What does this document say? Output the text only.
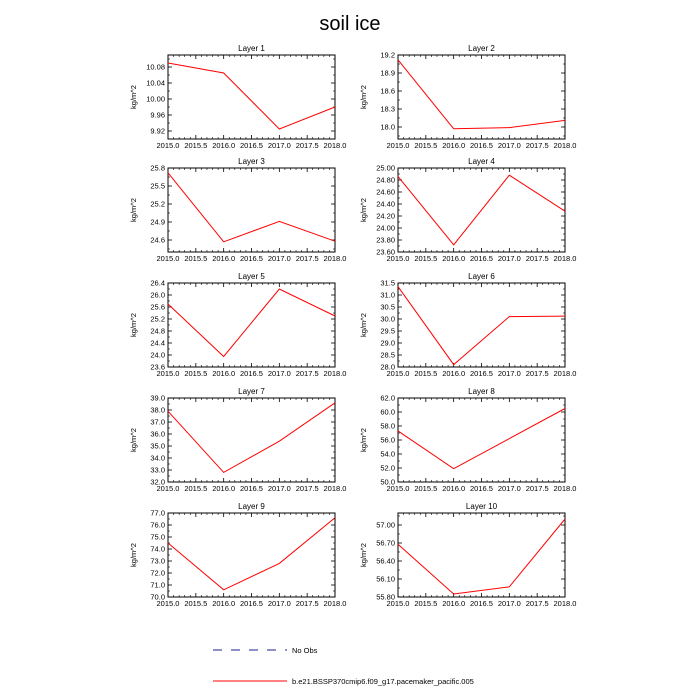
soil ice
Layer 1
2015.0 2015.5 2016.0 2016.5 2017.0 2017.5 2018.0
9.92
9.96
10.00
10.04
10.08
kg/m^2
Layer 2
2015.0 2015.5 2016.0 2016.5 2017.0 2017.5 2018.0
18.0
18.3
18.6
18.9
19.2
kg/m^2
Layer 3
2015.0 2015.5 2016.0 2016.5 2017.0 2017.5 2018.0
24.6
24.9
25.2
25.5
25.8
kg/m^2
Layer 4
2015.0 2015.5 2016.0 2016.5 2017.0 2017.5 2018.0
23.60
23.80
24.00
24.20
24.40
24.60
24.80
25.00
kg/m^2
Layer 5
2015.0 2015.5 2016.0 2016.5 2017.0 2017.5 2018.0
23.6
24.0
24.4
24.8
25.2
25.6
26.0
26.4
kg/m^2
Layer 6
2015.0 2015.5 2016.0 2016.5 2017.0 2017.5 2018.0
28.0
28.5
29.0
29.5
30.0
30.5
31.0
31.5
kg/m^2
Layer 7
2015.0 2015.5 2016.0 2016.5 2017.0 2017.5 2018.0
32.0
33.0
34.0
35.0
36.0
37.0
38.0
39.0
kg/m^2
Layer 8
2015.0 2015.5 2016.0 2016.5 2017.0 2017.5 2018.0
50.0
52.0
54.0
56.0
58.0
60.0
62.0
kg/m^2
Layer 9
2015.0 2015.5 2016.0 2016.5 2017.0 2017.5 2018.0
70.0
71.0
72.0
73.0
74.0
75.0
76.0
77.0
kg/m^2
Layer 10
2015.0 2015.5 2016.0 2016.5 2017.0 2017.5 2018.0
55.80
56.10
56.40
56.70
57.00
kg/m^2
No Obs
b.e21.BSSP370cmip6.f09_g17.pacemaker_pacific.005
